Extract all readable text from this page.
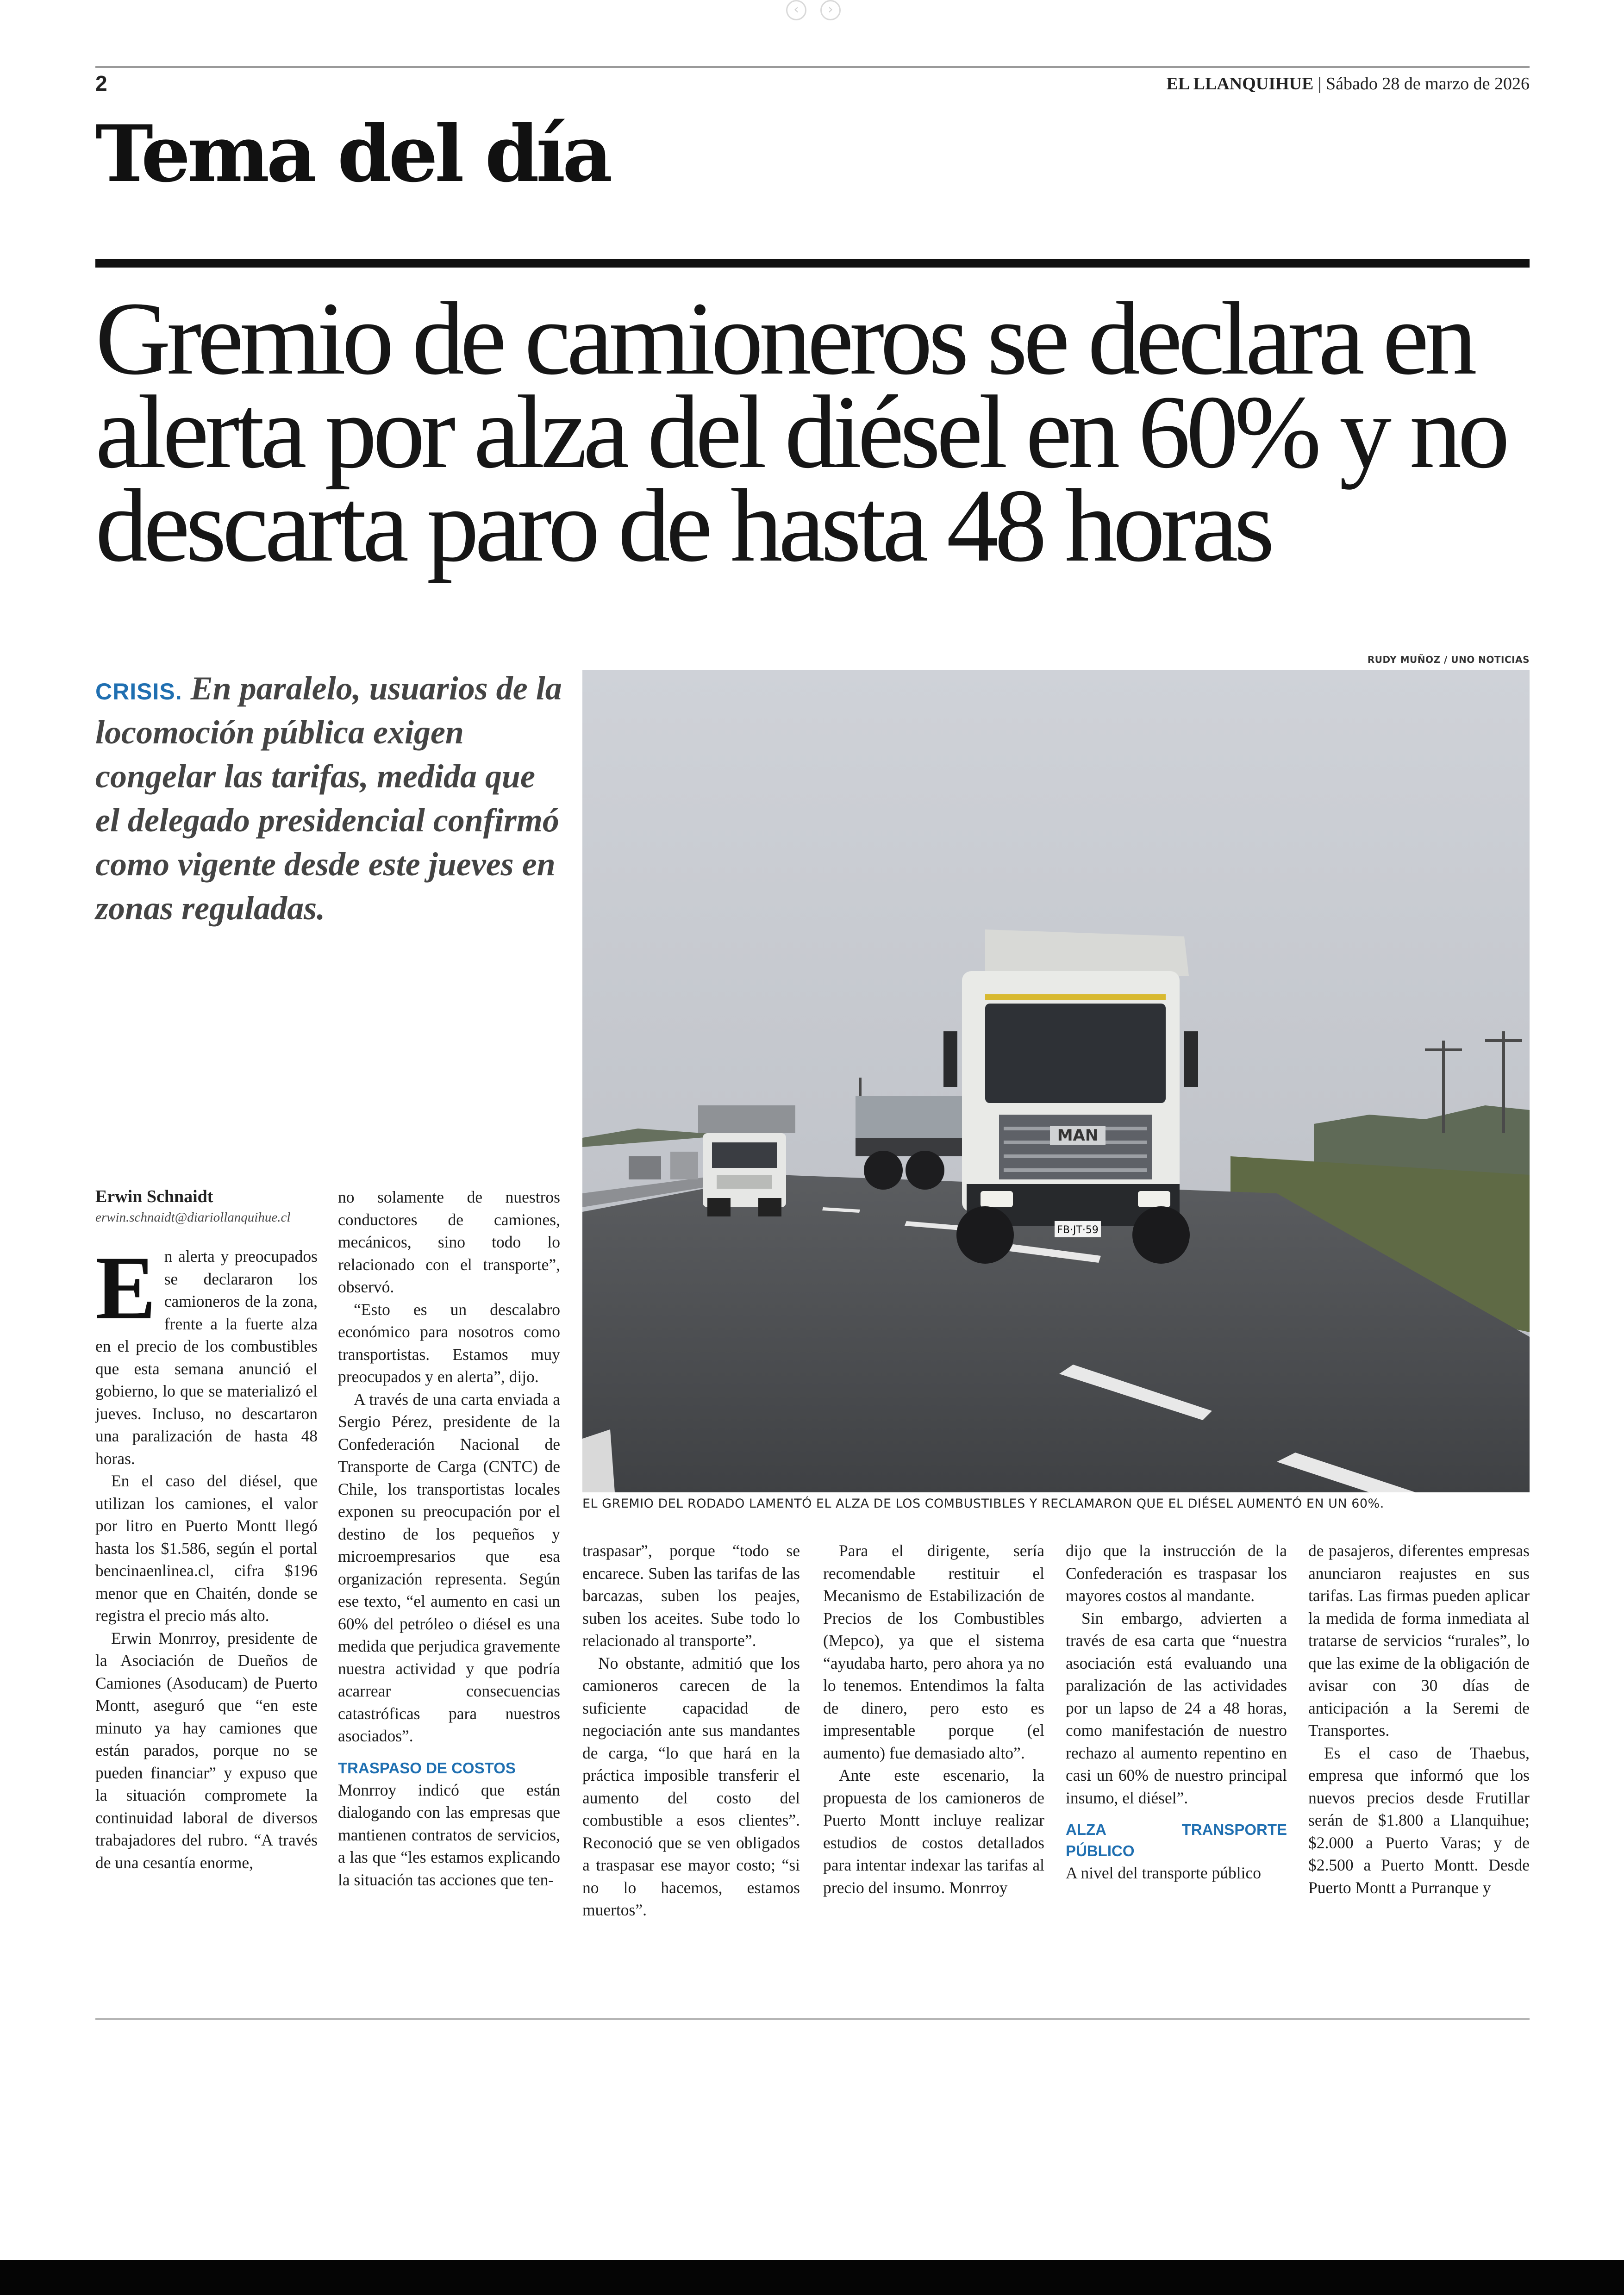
‹	›
2	EL LLANQUIHUE | Sábado 28 de marzo de 2026
Tema del día
Gremio de camioneros se declara en alerta por alza del diésel en 60% y no descarta paro de hasta 48 horas
CRISIS. En paralelo, usuarios de la locomoción pública exigen congelar las tarifas, medida que el delegado presidencial confirmó como vigente desde este jueves en zonas reguladas.
RUDY MUÑOZ / UNO NOTICIAS
MAN
FB·JT·59
EL GREMIO DEL RODADO LAMENTÓ EL ALZA DE LOS COMBUSTIBLES Y RECLAMARON QUE EL DIÉSEL AUMENTÓ EN UN 60%.
Erwin Schnaidt
erwin.schnaidt@diariollanquihue.cl

En alerta y preocupados se declararon los camioneros de la zona, frente a la fuerte alza en el precio de los combustibles que esta semana anunció el gobierno, lo que se materializó el jueves. Incluso, no descartaron una paralización de hasta 48 horas.

En el caso del diésel, que utilizan los camiones, el valor por litro en Puerto Montt llegó hasta los $1.586, según el portal bencinaenlinea.cl, cifra $196 menor que en Chaitén, donde se registra el precio más alto.

Erwin Monrroy, presidente de la Asociación de Dueños de Camiones (Asoducam) de Puerto Montt, aseguró que “en este minuto ya hay camiones que están parados, porque no se pueden financiar” y expuso que la situación compromete la continuidad laboral de diversos trabajadores del rubro. “A través de una cesantía enorme,

no solamente de nuestros conductores de camiones, mecánicos, sino todo lo relacionado con el transporte”, observó.

“Esto es un descalabro económico para nosotros como transportistas. Estamos muy preocupados y en alerta”, dijo.

A través de una carta enviada a Sergio Pérez, presidente de la Confederación Nacional de Transporte de Carga (CNTC) de Chile, los transportistas locales exponen su preocupación por el destino de los pequeños y microempresarios que esa organización representa. Según ese texto, “el aumento en casi un 60% del petróleo o diésel es una medida que perjudica gravemente nuestra actividad y que podría acarrear consecuencias catastróficas para nuestros asociados”.

TRASPASO DE COSTOS

Monrroy indicó que están dialogando con las empresas que mantienen contratos de servicios, a las que “les estamos explicando la situación tas acciones que ten-

traspasar”, porque “todo se encarece. Suben las tarifas de las barcazas, suben los peajes, suben los aceites. Sube todo lo relacionado al transporte”.

No obstante, admitió que los camioneros carecen de la suficiente capacidad de negociación ante sus mandantes de carga, “lo que hará en la práctica imposible transferir el aumento del costo del combustible a esos clientes”. Reconoció que se ven obligados a traspasar ese mayor costo; “si no lo hacemos, estamos muertos”.

Para el dirigente, sería recomendable restituir el Mecanismo de Estabilización de Precios de los Combustibles (Mepco), ya que el sistema “ayudaba harto, pero ahora ya no lo tenemos. Entendimos la falta de dinero, pero esto es impresentable porque (el aumento) fue demasiado alto”.

Ante este escenario, la propuesta de los camioneros de Puerto Montt incluye realizar estudios de costos detallados para intentar indexar las tarifas al precio del insumo. Monrroy

dijo que la instrucción de la Confederación es traspasar los mayores costos al mandante.

Sin embargo, advierten a través de esa carta que “nuestra asociación está evaluando una paralización de las actividades por un lapso de 24 a 48 horas, como manifestación de nuestro rechazo al aumento repentino en casi un 60% de nuestro principal insumo, el diésel”.

ALZA TRANSPORTE PÚBLICO

A nivel del transporte público

de pasajeros, diferentes empresas anunciaron reajustes en sus tarifas. Las firmas pueden aplicar la medida de forma inmediata al tratarse de servicios “rurales”, lo que las exime de la obligación de avisar con 30 días de anticipación a la Seremi de Transportes.

Es el caso de Thaebus, empresa que informó que los nuevos precios desde Frutillar serán de $1.800 a Llanquihue; $2.000 a Puerto Varas; y de $2.500 a Puerto Montt. Desde Puerto Montt a Purranque y
